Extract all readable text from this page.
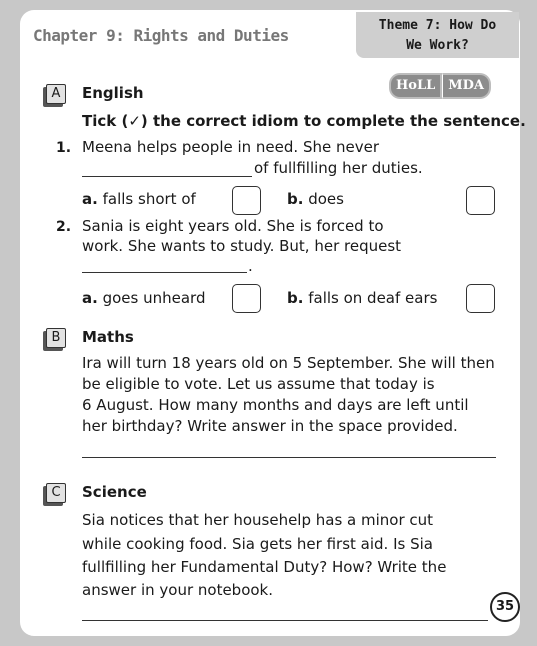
Chapter 9: Rights and Duties
Theme 7: How Do
We Work?
HoLL	MDA
A	English
Tick (✓) the correct idiom to complete the sentence.
1. Meena helps people in need. She never
of fullfilling her duties.
a. falls short of	b. does
2. Sania is eight years old. She is forced to
work. She wants to study. But, her request
.
a. goes unheard	b. falls on deaf ears
B	Maths
Ira will turn 18 years old on 5 September. She will then
be eligible to vote. Let us assume that today is
6 August. How many months and days are left until
her birthday? Write answer in the space provided.
C	Science
Sia notices that her househelp has a minor cut
while cooking food. Sia gets her first aid. Is Sia
fullfilling her Fundamental Duty? How? Write the
answer in your notebook.
35
